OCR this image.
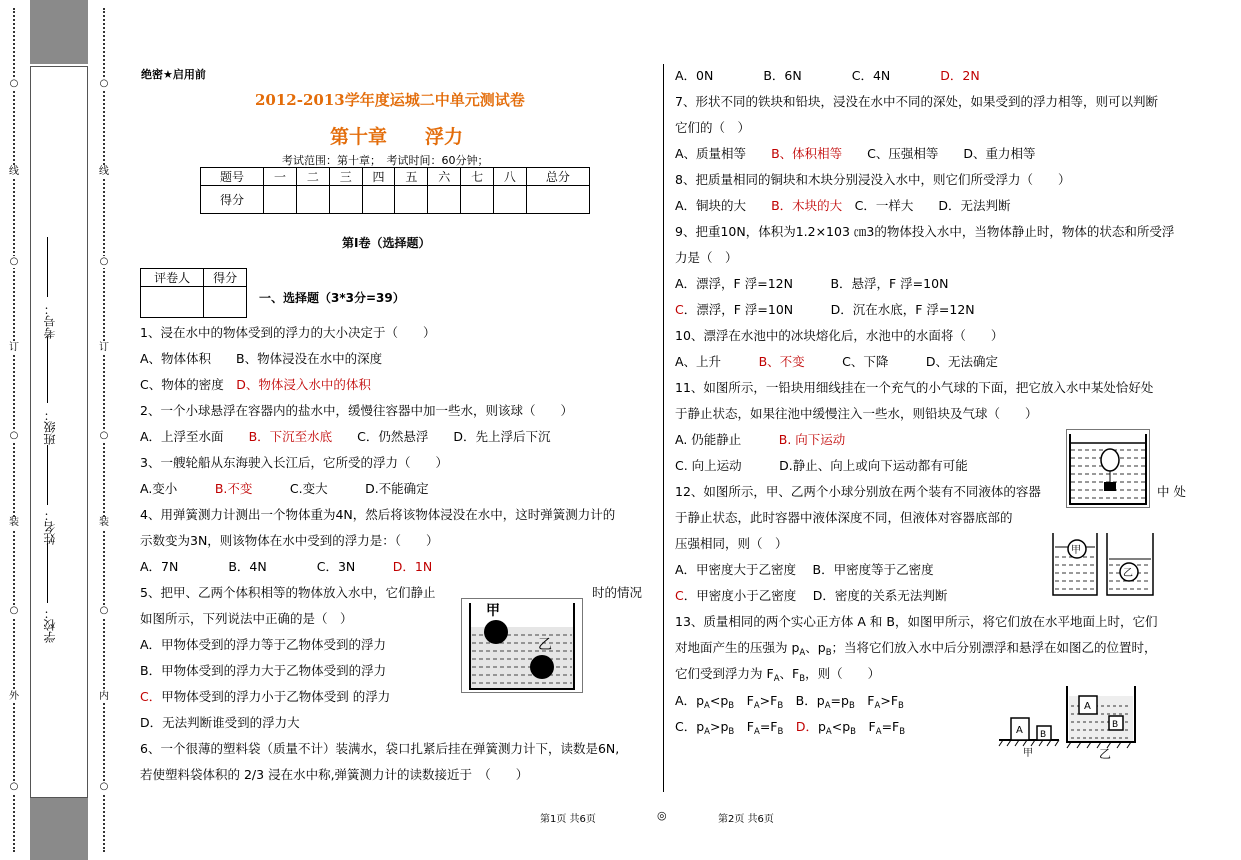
○
线
○
订
○
装
○
外
○
○
线
○
订
○
装
○
内
○
考号：
班级：
姓名：
学校：
绝密★启用前
2012-2013学年度运城二中单元测试卷
第十章　　浮力
考试范围：第十章；　考试时间：60分钟；
题号	一	二	三	四	五	六	七	八	总分
得分									
第Ⅰ卷（选择题）
评卷人	得分

一、选择题（3*3分=39）
1、浸在水中的物体受到的浮力的大小决定于（　　）
A、物体体积　　B、物体浸没在水中的深度
C、物体的密度　D、物体浸入水中的体积
2、一个小球悬浮在容器内的盐水中，缓慢往容器中加一些水，则该球（　　）
A．上浮至水面　　B．下沉至水底　　C．仍然悬浮　　D．先上浮后下沉
3、一艘轮船从东海驶入长江后，它所受的浮力（　　）
A.变小　　　B.不变　　　C.变大　　　D.不能确定
4、用弹簧测力计测出一个物体重为4N，然后将该物体浸没在水中，这时弹簧测力计的
示数变为3N，则该物体在水中受到的浮力是：（　　）
A．7N　　　　B．4N　　　　C．3N　　　D．1N
5、把甲、乙两个体积相等的物体放入水中，它们静止	时的情况
如图所示，下列说法中正确的是（　）
A．甲物体受到的浮力等于乙物体受到的浮力
B．甲物体受到的浮力大于乙物体受到的浮力
C．甲物体受到的浮力小于乙物体受到 的浮力
D．无法判断谁受到的浮力大
6、一个很薄的塑料袋（质量不计）装满水，袋口扎紧后挂在弹簧测力计下，读数是6N,
若使塑料袋体积的 2/3 浸在水中称,弹簧测力计的读数接近于　（　　）
甲
乙
A．0N　　　　B．6N　　　　C．4N　　　　D．2N
7、形状不同的铁块和铅块，浸没在水中不同的深处，如果受到的浮力相等，则可以判断
它们的（　）
A、质量相等　　B、体积相等　　C、压强相等　　D、重力相等
8、把质量相同的铜块和木块分别浸没入水中，则它们所受浮力（　　）
A．铜块的大　　B．木块的大　C．一样大　　D．无法判断
9、把重10N，体积为1.2×103 ㎝3的物体投入水中，当物体静止时，物体的状态和所受浮
力是（　）
A．漂浮，F 浮=12N　　　B．悬浮，F 浮=10N
C．漂浮，F 浮=10N　　　D．沉在水底，F 浮=12N
10、漂浮在水池中的冰块熔化后，水池中的水面将（　　）
A、上升　　　B、不变　　　C、下降　　　D、无法确定
11、如图所示，一铅块用细线挂在一个充气的小气球的下面，把它放入水中某处恰好处
于静止状态，如果往池中缓慢注入一些水，则铅块及气球（　　）
A. 仍能静止　　　B. 向下运动
C. 向上运动　　　D.静止、向上或向下运动都有可能
12、如图所示，甲、乙两个小球分别放在两个装有不同液体的容器	中 处
于静止状态，此时容器中液体深度不同，但液体对容器底部的
压强相同，则（　）
A．甲密度大于乙密度　 B．甲密度等于乙密度
C．甲密度小于乙密度　 D．密度的关系无法判断
13、质量相同的两个实心正方体 A 和 B，如图甲所示，将它们放在水平地面上时，它们
对地面产生的压强为 $p_A$、$p_B$；当将它们放入水中后分别漂浮和悬浮在如图乙的位置时，
它们受到浮力为 $F_A$、$F_B$，则（　　）
A．$p_A<p_B$　 $F_A>F_B$　B．$p_A=p_B$　 $F_A>F_B$
C．$p_A>p_B$　 $F_A=F_B$　D．$p_A<p_B$　 $F_A=F_B$
甲
乙
A B
甲
A
B
乙
第1页 共6页	◎	第2页 共6页
